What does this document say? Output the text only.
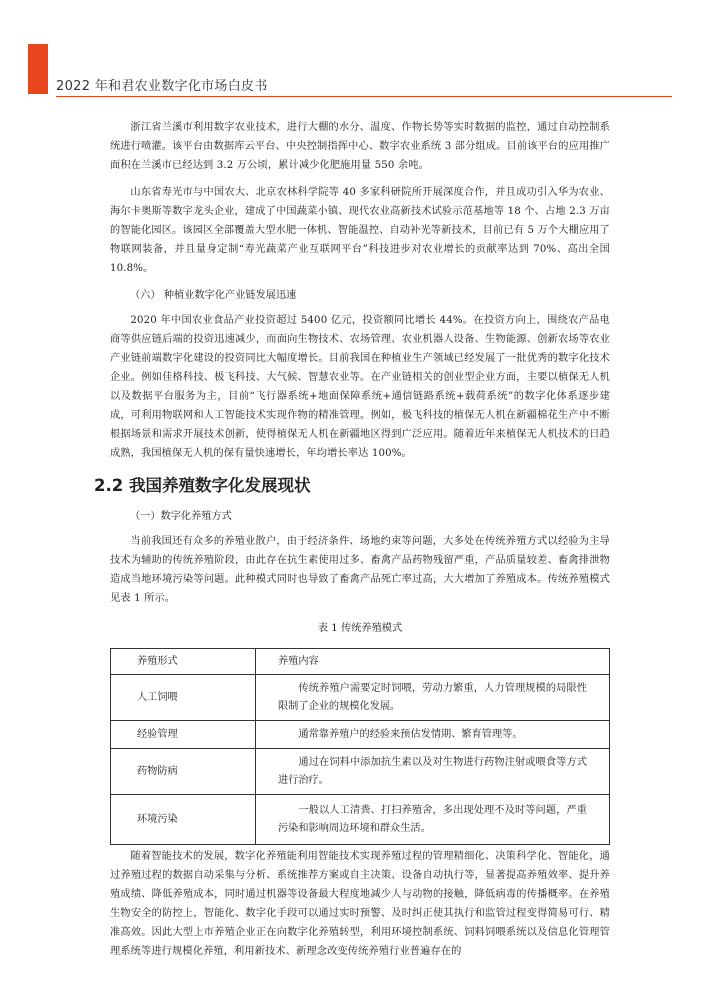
2022 年和君农业数字化市场白皮书

浙江省兰溪市利用数字农业技术，进行大棚的水分、温度、作物长势等实时数据的监控，通过自动控制系统进行喷灌。该平台由数据库云平台、中央控制指挥中心、数字农业系统 3 部分组成。目前该平台的应用推广面积在兰溪市已经达到 3.2 万公顷，累计减少化肥施用量 550 余吨。

山东省寿光市与中国农大、北京农林科学院等 40 多家科研院所开展深度合作，并且成功引入华为农业、海尔卡奥斯等数字龙头企业，建成了中国蔬菜小镇、现代农业高新技术试验示范基地等 18 个、占地 2.3 万亩的智能化园区。该园区全部覆盖大型水肥一体机、智能温控、自动补光等新技术，目前已有 5 万个大棚应用了物联网装备，并且量身定制“寿光蔬菜产业互联网平台”科技进步对农业增长的贡献率达到 70%、高出全国 10.8%。

（六） 种植业数字化产业链发展迅速

2020 年中国农业食品产业投资超过 5400 亿元，投资额同比增长 44%。在投资方向上，围绕农产品电商等供应链后端的投资迅速减少，而面向生物技术、农场管理、农业机器人设备、生物能源、创新农场等农业产业链前端数字化建设的投资同比大幅度增长。目前我国在种植业生产领域已经发展了一批优秀的数字化技术企业。例如佳格科技、极飞科技、大气候、智慧农业等。在产业链相关的创业型企业方面，主要以植保无人机以及数据平台服务为主，目前“飞行器系统+地面保障系统+通信链路系统+载荷系统”的数字化体系逐步建成，可利用物联网和人工智能技术实现作物的精准管理。例如，极飞科技的植保无人机在新疆棉花生产中不断根据场景和需求开展技术创新，使得植保无人机在新疆地区得到广泛应用。随着近年来植保无人机技术的日趋成熟，我国植保无人机的保有量快速增长，年均增长率达 100%。

2.2 我国养殖数字化发展现状
（一）数字化养殖方式

当前我国还有众多的养殖业散户，由于经济条件、场地约束等问题，大多处在传统养殖方式以经验为主导技术为辅助的传统养殖阶段，由此存在抗生素使用过多、畜禽产品药物残留严重，产品质量较差、畜禽排泄物造成当地环境污染等问题。此种模式同时也导致了畜禽产品死亡率过高，大大增加了养殖成本。传统养殖模式见表 1 所示。

表 1 传统养殖模式
养殖形式	养殖内容
人工饲喂	传统养殖户需要定时饲喂，劳动力繁重，人力管理规模的局限性限制了企业的规模化发展。
经验管理	通常靠养殖户的经验来预估发情期、繁育管理等。
药物防病	通过在饲料中添加抗生素以及对生物进行药物注射或喂食等方式进行治疗。
环境污染	一般以人工清粪、打扫养殖舍，多出现处理不及时等问题，严重污染和影响周边环境和群众生活。

随着智能技术的发展，数字化养殖能利用智能技术实现养殖过程的管理精细化、决策科学化、智能化，通过养殖过程的数据自动采集与分析、系统推荐方案或自主决策、设备自动执行等，显著提高养殖效率、提升养殖成绩、降低养殖成本，同时通过机器等设备最大程度地减少人与动物的接触，降低病毒的传播概率。在养殖生物安全的防控上，智能化、数字化手段可以通过实时预警、及时纠正使其执行和监管过程变得简易可行、精准高效。因此大型上市养殖企业正在向数字化养殖转型，利用环境控制系统、饲料饲喂系统以及信息化管理管理系统等进行规模化养殖，利用新技术、新理念改变传统养殖行业普遍存在的
